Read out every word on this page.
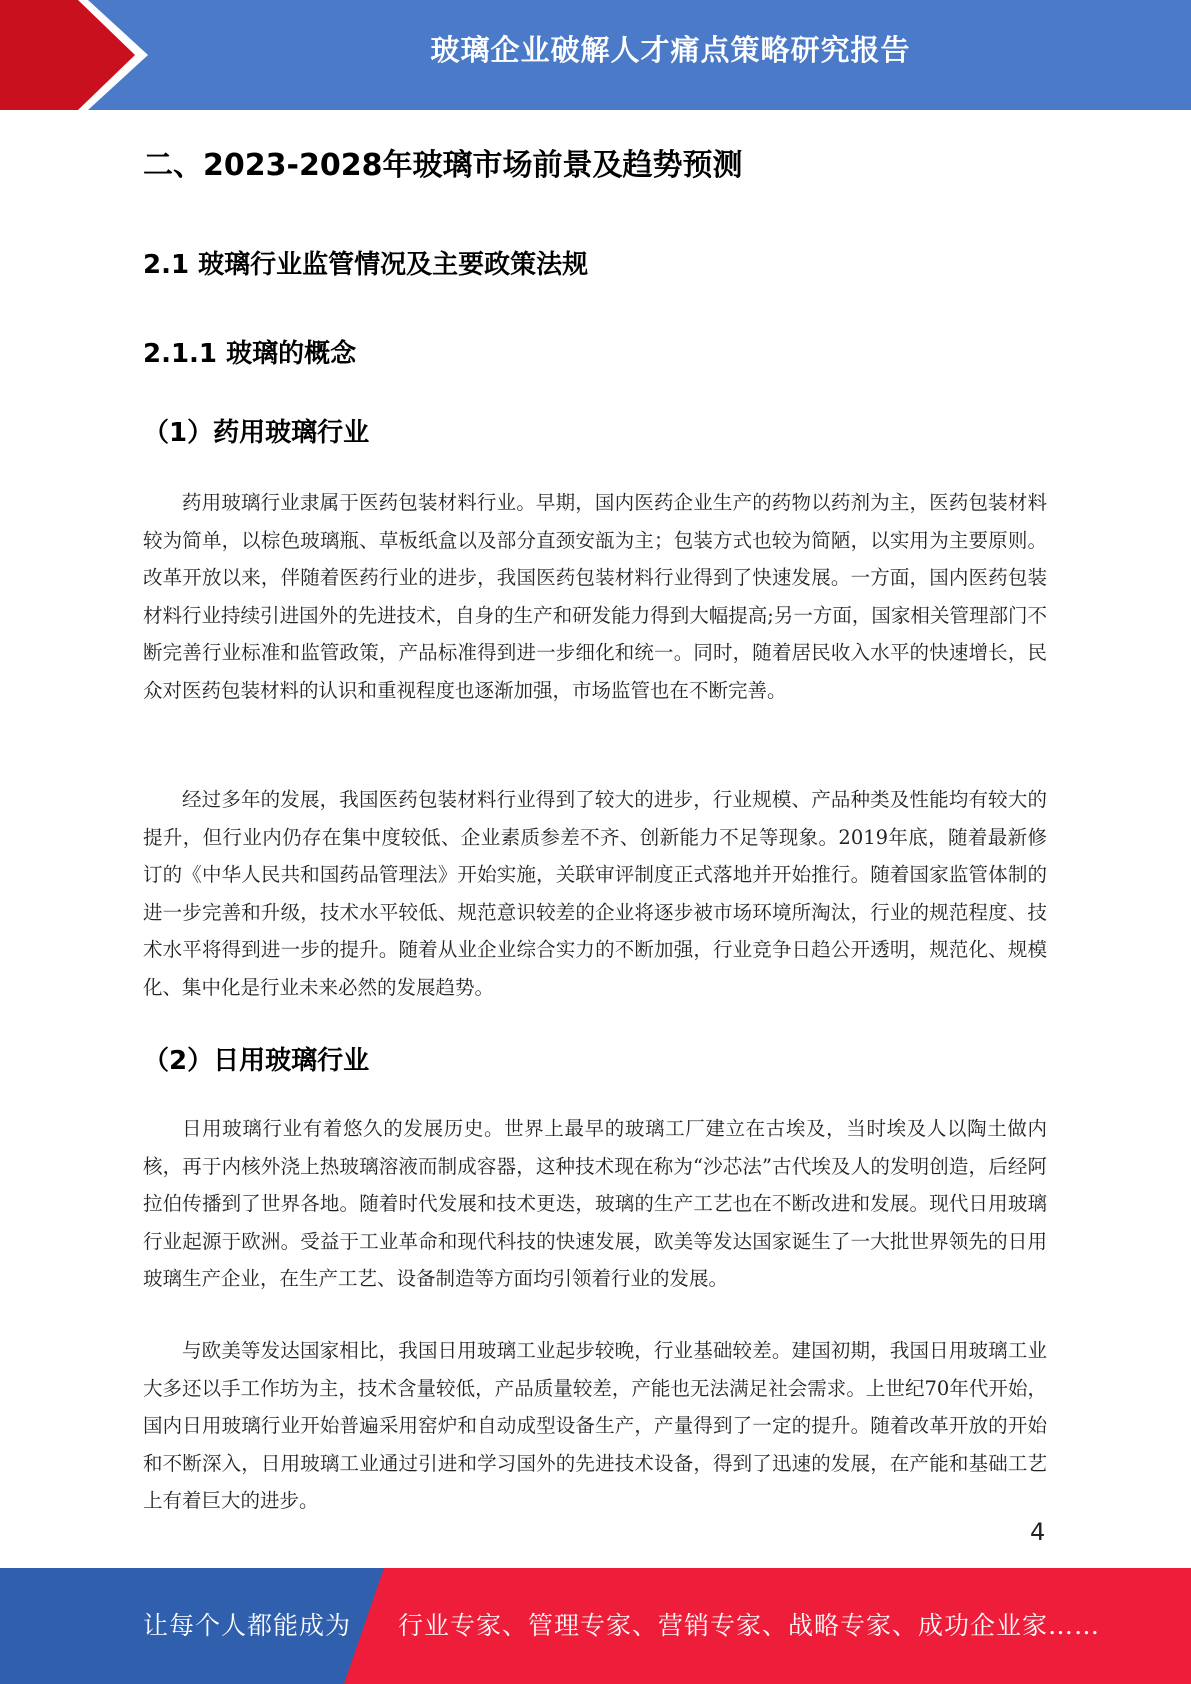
玻璃企业破解人才痛点策略研究报告
二、2023-2028年玻璃市场前景及趋势预测
2.1 玻璃行业监管情况及主要政策法规
2.1.1 玻璃的概念
（1）药用玻璃行业

药用玻璃行业隶属于医药包装材料行业。早期，国内医药企业生产的药物以药剂为主，医药包装材料较为简单，以棕色玻璃瓶、草板纸盒以及部分直颈安瓿为主；包装方式也较为简陋，以实用为主要原则。改革开放以来，伴随着医药行业的进步，我国医药包装材料行业得到了快速发展。一方面，国内医药包装材料行业持续引进国外的先进技术，自身的生产和研发能力得到大幅提高;另一方面，国家相关管理部门不断完善行业标准和监管政策，产品标准得到进一步细化和统一。同时，随着居民收入水平的快速增长，民众对医药包装材料的认识和重视程度也逐渐加强，市场监管也在不断完善。

经过多年的发展，我国医药包装材料行业得到了较大的进步，行业规模、产品种类及性能均有较大的提升，但行业内仍存在集中度较低、企业素质参差不齐、创新能力不足等现象。2019年底，随着最新修订的《中华人民共和国药品管理法》开始实施，关联审评制度正式落地并开始推行。随着国家监管体制的进一步完善和升级，技术水平较低、规范意识较差的企业将逐步被市场环境所淘汰，行业的规范程度、技术水平将得到进一步的提升。随着从业企业综合实力的不断加强，行业竞争日趋公开透明，规范化、规模化、集中化是行业未来必然的发展趋势。

（2）日用玻璃行业

日用玻璃行业有着悠久的发展历史。世界上最早的玻璃工厂建立在古埃及，当时埃及人以陶土做内核，再于内核外浇上热玻璃溶液而制成容器，这种技术现在称为“沙芯法”古代埃及人的发明创造，后经阿拉伯传播到了世界各地。随着时代发展和技术更迭，玻璃的生产工艺也在不断改进和发展。现代日用玻璃行业起源于欧洲。受益于工业革命和现代科技的快速发展，欧美等发达国家诞生了一大批世界领先的日用玻璃生产企业，在生产工艺、设备制造等方面均引领着行业的发展。

与欧美等发达国家相比，我国日用玻璃工业起步较晚，行业基础较差。建国初期，我国日用玻璃工业大多还以手工作坊为主，技术含量较低，产品质量较差，产能也无法满足社会需求。上世纪70年代开始，国内日用玻璃行业开始普遍采用窑炉和自动成型设备生产，产量得到了一定的提升。随着改革开放的开始和不断深入，日用玻璃工业通过引进和学习国外的先进技术设备，得到了迅速的发展，在产能和基础工艺上有着巨大的进步。

4
让每个人都能成为 行业专家、管理专家、营销专家、战略专家、成功企业家……
